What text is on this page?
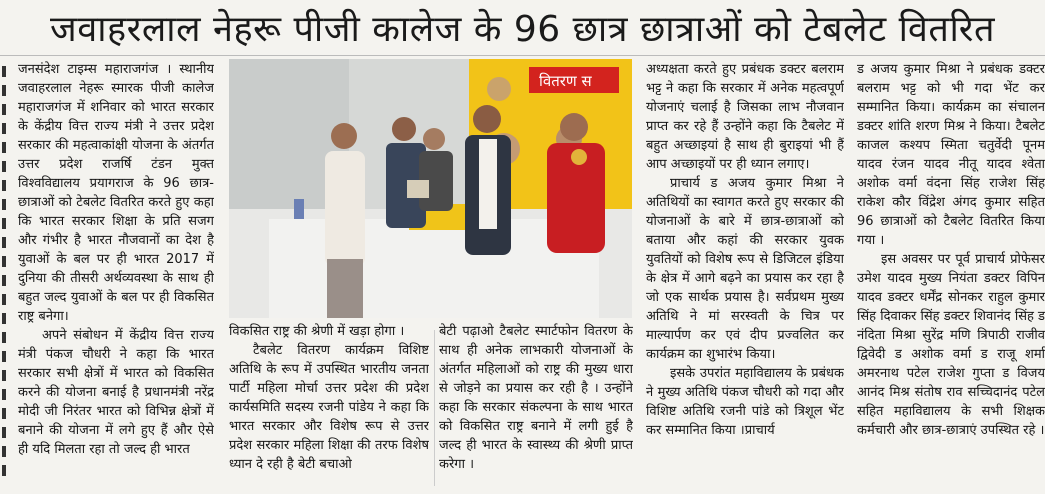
जवाहरलाल नेहरू पीजी कालेज के 96 छात्र छात्राओं को टेबलेट वितरित

जनसंदेश टाइम्स महाराजगंज । स्थानीय जवाहरलाल नेहरू स्मारक पीजी कालेज महाराजगंज में शनिवार को भारत सरकार के केंद्रीय वित्त राज्य मंत्री ने उत्तर प्रदेश सरकार की महत्वाकांक्षी योजना के अंतर्गत उत्तर प्रदेश राजर्षि टंडन मुक्त विश्वविद्यालय प्रयागराज के 96 छात्र-छात्राओं को टेबलेट वितरित करते हुए कहा कि भारत सरकार शिक्षा के प्रति सजग और गंभीर है भारत नौजवानों का देश है युवाओं के बल पर ही भारत 2017 में दुनिया की तीसरी अर्थव्यवस्था के साथ ही बहुत जल्द युवाओं के बल पर ही विकसित राष्ट्र बनेगा।

अपने संबोधन में केंद्रीय वित्त राज्य मंत्री पंकज चौधरी ने कहा कि भारत सरकार सभी क्षेत्रों में भारत को विकसित करने की योजना बनाई है प्रधानमंत्री नरेंद्र मोदी जी निरंतर भारत को विभिन्न क्षेत्रों में बनाने की योजना में लगे हुए हैं और ऐसे ही यदि मिलता रहा तो जल्द ही भारत

वितरण स

विकसित राष्ट्र की श्रेणी में खड़ा होगा ।

टैबलेट वितरण कार्यक्रम विशिष्ट अतिथि के रूप में उपस्थित भारतीय जनता पार्टी महिला मोर्चा उत्तर प्रदेश की प्रदेश कार्यसमिति सदस्य रजनी पांडेय ने कहा कि भारत सरकार और विशेष रूप से उत्तर प्रदेश सरकार महिला शिक्षा की तरफ विशेष ध्यान दे रही है बेटी बचाओ

बेटी पढ़ाओ टैबलेट स्मार्टफोन वितरण के साथ ही अनेक लाभकारी योजनाओं के अंतर्गत महिलाओं को राष्ट्र की मुख्य धारा से जोड़ने का प्रयास कर रही है । उन्होंने कहा कि सरकार संकल्पना के साथ भारत को विकसित राष्ट्र बनाने में लगी हुई है जल्द ही भारत के स्वास्थ्य की श्रेणी प्राप्त करेगा ।

अध्यक्षता करते हुए प्रबंधक डक्टर बलराम भट्ट ने कहा कि सरकार में अनेक महत्वपूर्ण योजनाएं चलाई है जिसका लाभ नौजवान प्राप्त कर रहे हैं उन्होंने कहा कि टैबलेट में बहुत अच्छाइयां है साथ ही बुराइयां भी हैं आप अच्छाइयों पर ही ध्यान लगाए।

प्राचार्य ड अजय कुमार मिश्रा ने अतिथियों का स्वागत करते हुए सरकार की योजनाओं के बारे में छात्र-छात्राओं को बताया और कहां की सरकार युवक युवतियों को विशेष रूप से डिजिटल इंडिया के क्षेत्र में आगे बढ़ने का प्रयास कर रहा है जो एक सार्थक प्रयास है। सर्वप्रथम मुख्य अतिथि ने मां सरस्वती के चित्र पर माल्यार्पण कर एवं दीप प्रज्वलित कर कार्यक्रम का शुभारंभ किया।

इसके उपरांत महाविद्यालय के प्रबंधक ने मुख्य अतिथि पंकज चौधरी को गदा और विशिष्ट अतिथि रजनी पांडे को त्रिशूल भेंट कर सम्मानित किया ।प्राचार्य

ड अजय कुमार मिश्रा ने प्रबंधक डक्टर बलराम भट्ट को भी गदा भेंट कर सम्मानित किया। कार्यक्रम का संचालन डक्टर शांति शरण मिश्र ने किया। टैबलेट काजल कश्यप स्मिता चतुर्वेदी पूनम यादव रंजन यादव नीतू यादव श्वेता अशोक वर्मा वंदना सिंह राजेश सिंह राकेश कौर विंद्रेश अंगद कुमार सहित 96 छात्राओं को टैबलेट वितरित किया गया ।

इस अवसर पर पूर्व प्राचार्य प्रोफेसर उमेश यादव मुख्य नियंता डक्टर विपिन यादव डक्टर धर्मेंद्र सोनकर राहुल कुमार सिंह दिवाकर सिंह डक्टर शिवानंद सिंह ड नंदिता मिश्रा सुरेंद्र मणि त्रिपाठी राजीव द्विवेदी ड अशोक वर्मा ड राजू शर्मा अमरनाथ पटेल राजेश गुप्ता ड विजय आनंद मिश्र संतोष राव सच्चिदानंद पटेल सहित महाविद्यालय के सभी शिक्षक कर्मचारी और छात्र-छात्राएं उपस्थित रहे ।
